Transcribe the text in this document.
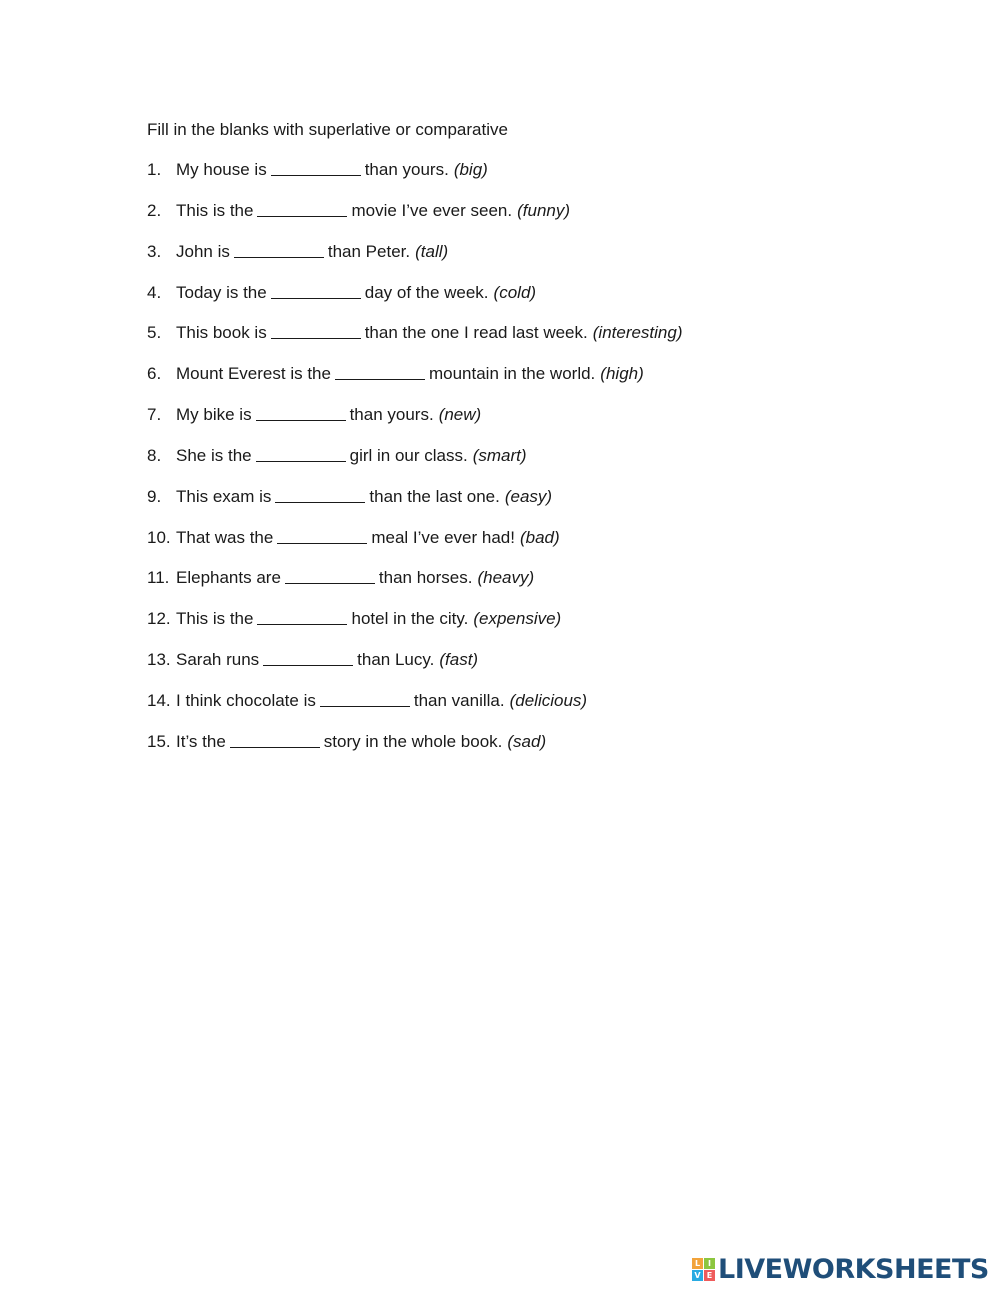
Fill in the blanks with superlative or comparative
1. My house is	than yours. (big)
2. This is the	movie I’ve ever seen. (funny)
3. John is	than Peter. (tall)
4. Today is the	day of the week. (cold)
5. This book is	than the one I read last week. (interesting)
6. Mount Everest is the	mountain in the world. (high)
7. My bike is	than yours. (new)
8. She is the	girl in our class. (smart)
9. This exam is	than the last one. (easy)
10. That was the	meal I’ve ever had! (bad)
11. Elephants are	than horses. (heavy)
12. This is the	hotel in the city. (expensive)
13. Sarah runs	than Lucy. (fast)
14. I think chocolate is	than vanilla. (delicious)
15. It’s the	story in the whole book. (sad)
L I
V E LIVEWORKSHEETS
